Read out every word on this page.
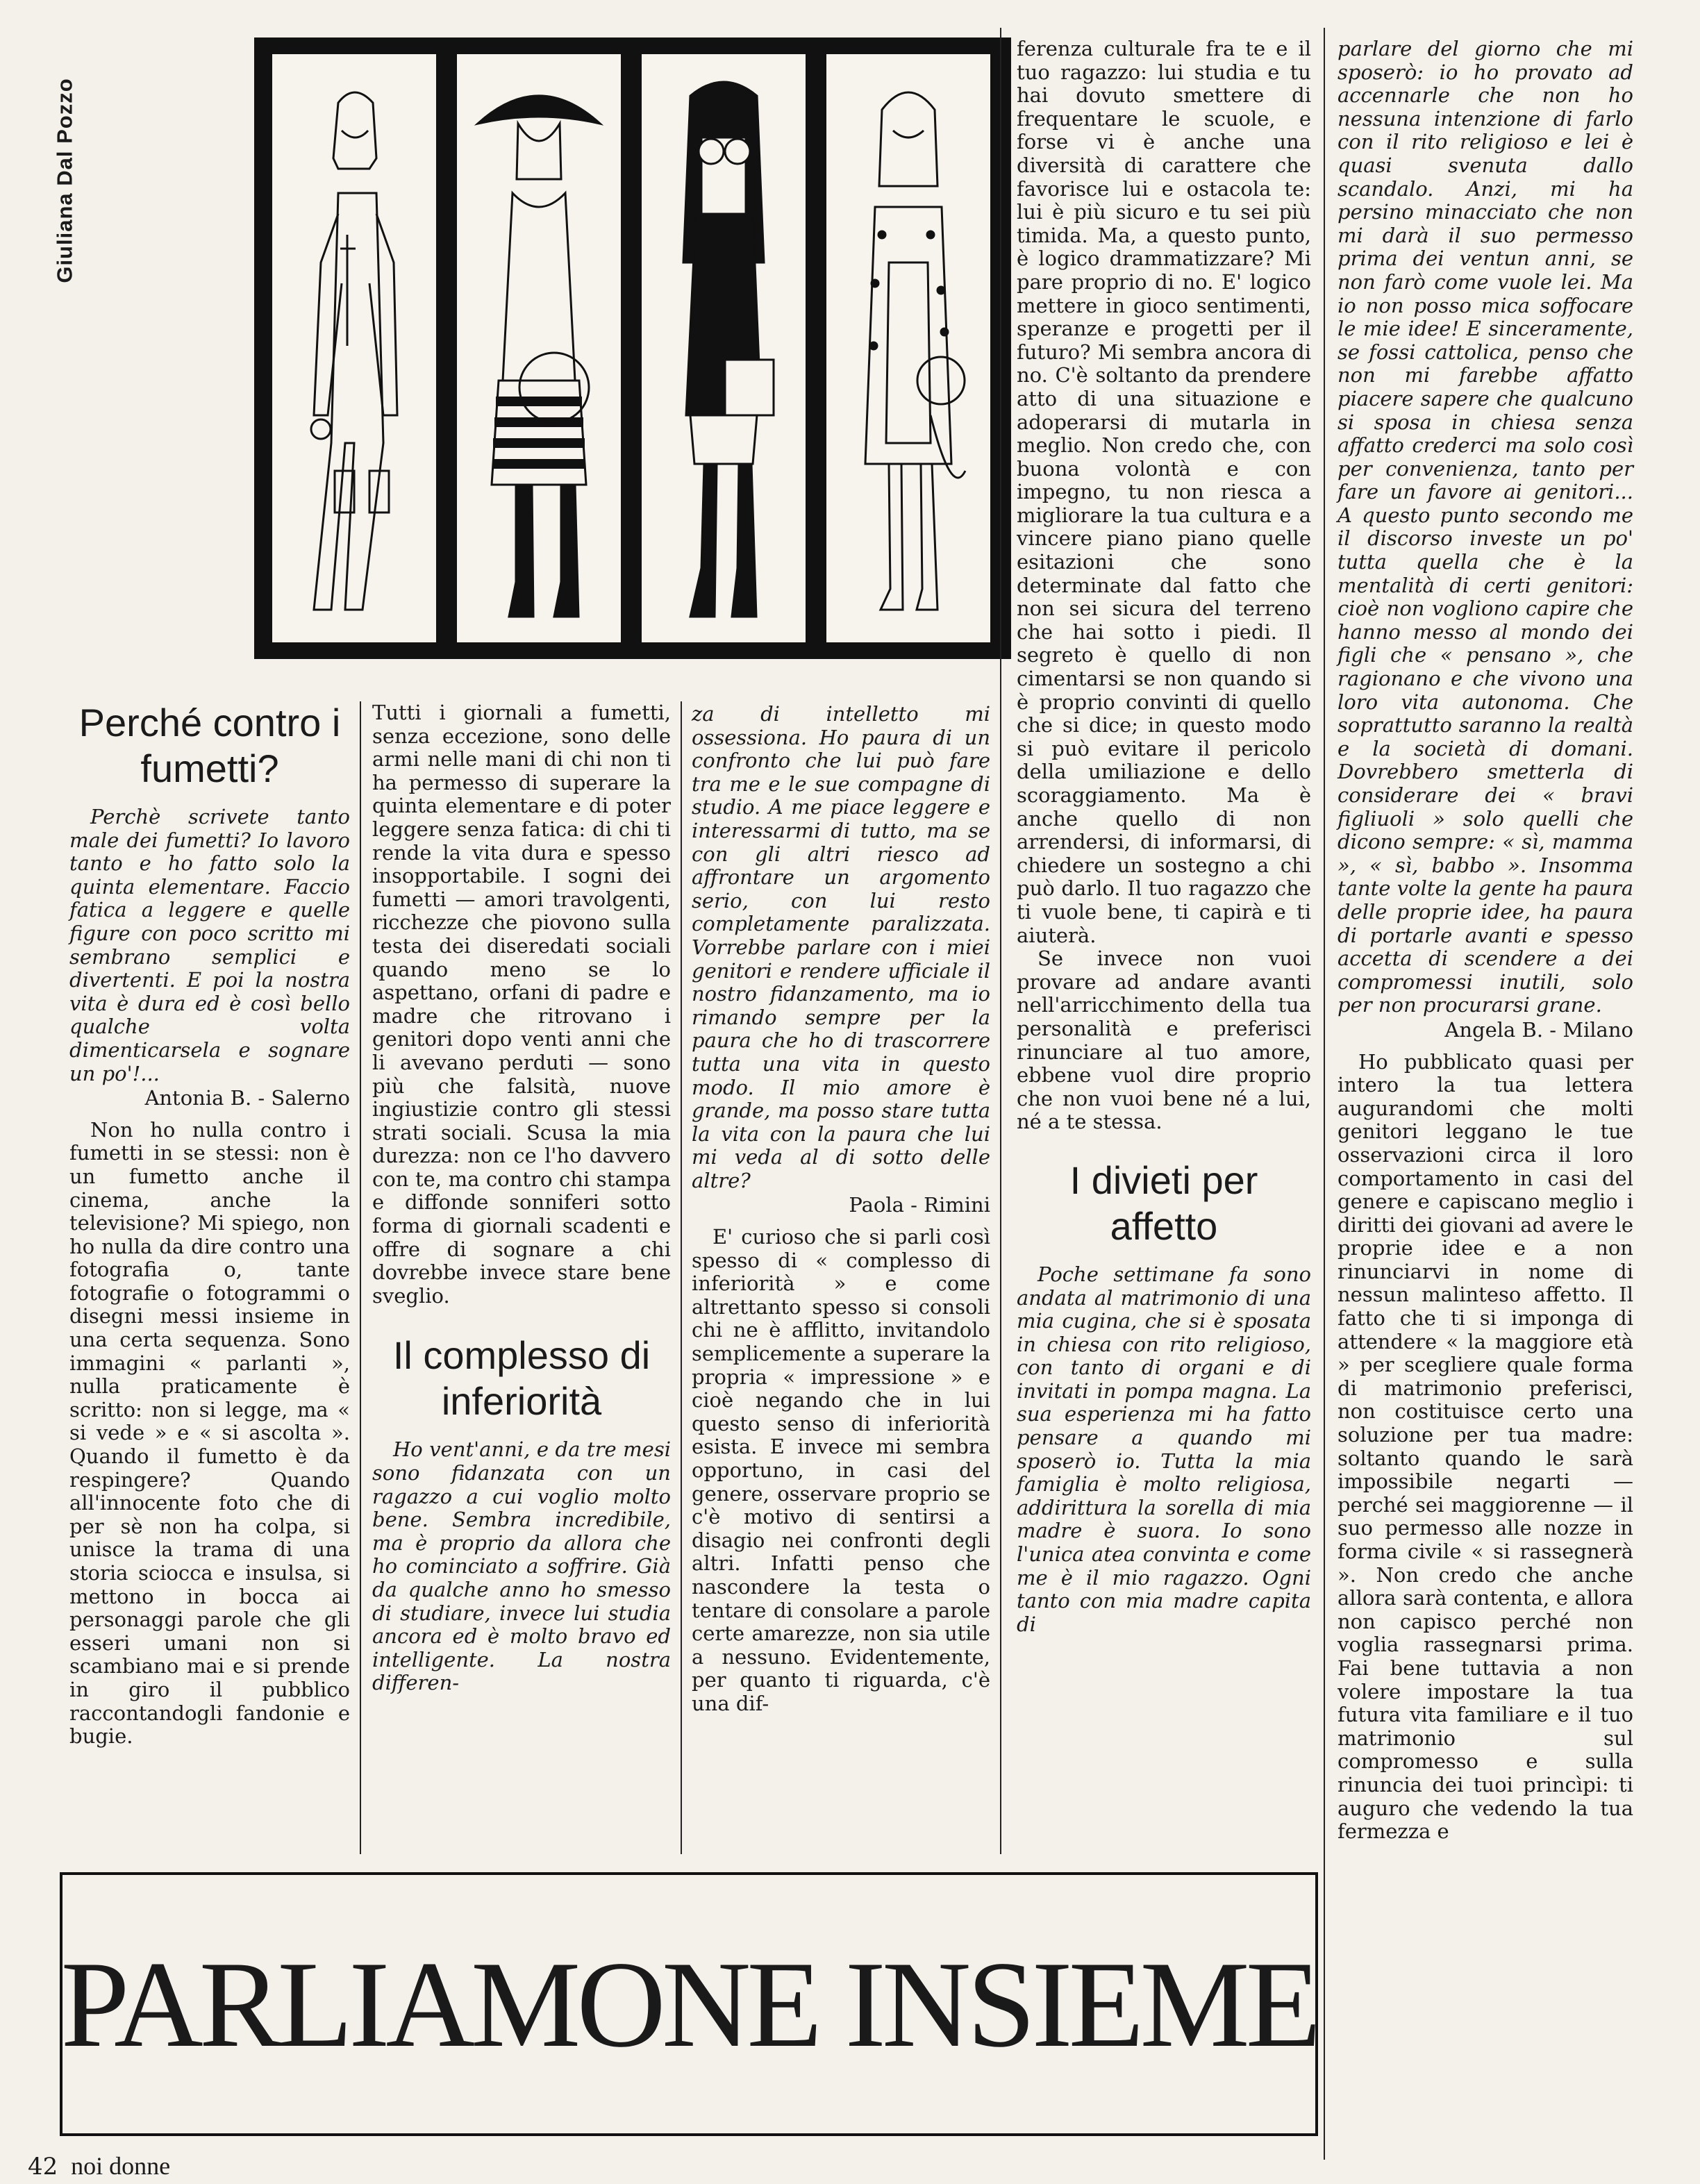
Giuliana Dal Pozzo
Perché contro i fumetti?

Perchè scrivete tanto male dei fumetti? Io lavoro tanto e ho fatto solo la quinta elementare. Faccio fatica a leggere e quelle figure con poco scritto mi sembrano semplici e divertenti. E poi la nostra vita è dura ed è così bello qualche volta dimenticarsela e sognare un po'!...

Antonia B. - Salerno

Non ho nulla contro i fumetti in se stessi: non è un fumetto anche il cinema, anche la televisione? Mi spiego, non ho nulla da dire contro una fotografia o, tante fotografie o fotogrammi o disegni messi insieme in una certa sequenza. Sono immagini « parlanti », nulla praticamente è scritto: non si legge, ma « si vede » e « si ascolta ». Quando il fumetto è da respingere? Quando all'innocente foto che di per sè non ha colpa, si unisce la trama di una storia sciocca e insulsa, si mettono in bocca ai personaggi parole che gli esseri umani non si scambiano mai e si prende in giro il pubblico raccontandogli fandonie e bugie.

Tutti i giornali a fumetti, senza eccezione, sono delle armi nelle mani di chi non ti ha permesso di superare la quinta elementare e di poter leggere senza fatica: di chi ti rende la vita dura e spesso insopportabile. I sogni dei fumetti — amori travolgenti, ricchezze che piovono sulla testa dei diseredati sociali quando meno se lo aspettano, orfani di padre e madre che ritrovano i genitori dopo venti anni che li avevano perduti — sono più che falsità, nuove ingiustizie contro gli stessi strati sociali. Scusa la mia durezza: non ce l'ho davvero con te, ma contro chi stampa e diffonde sonniferi sotto forma di giornali scadenti e offre di sognare a chi dovrebbe invece stare bene sveglio.

Il complesso di inferiorità

Ho vent'anni, e da tre mesi sono fidanzata con un ragazzo a cui voglio molto bene. Sembra incredibile, ma è proprio da allora che ho cominciato a soffrire. Già da qualche anno ho smesso di studiare, invece lui studia ancora ed è molto bravo ed intelligente. La nostra differen-

za di intelletto mi ossessiona. Ho paura di un confronto che lui può fare tra me e le sue compagne di studio. A me piace leggere e interessarmi di tutto, ma se con gli altri riesco ad affrontare un argomento serio, con lui resto completamente paralizzata. Vorrebbe parlare con i miei genitori e rendere ufficiale il nostro fidanzamento, ma io rimando sempre per la paura che ho di trascorrere tutta una vita in questo modo. Il mio amore è grande, ma posso stare tutta la vita con la paura che lui mi veda al di sotto delle altre?

Paola - Rimini

E' curioso che si parli così spesso di « complesso di inferiorità » e come altrettanto spesso si consoli chi ne è afflitto, invitandolo semplicemente a superare la propria « impressione » e cioè negando che in lui questo senso di inferiorità esista. E invece mi sembra opportuno, in casi del genere, osservare proprio se c'è motivo di sentirsi a disagio nei confronti degli altri. Infatti penso che nascondere la testa o tentare di consolare a parole certe amarezze, non sia utile a nessuno. Evidentemente, per quanto ti riguarda, c'è una dif-

ferenza culturale fra te e il tuo ragazzo: lui studia e tu hai dovuto smettere di frequentare le scuole, e forse vi è anche una diversità di carattere che favorisce lui e ostacola te: lui è più sicuro e tu sei più timida. Ma, a questo punto, è logico drammatizzare? Mi pare proprio di no. E' logico mettere in gioco sentimenti, speranze e progetti per il futuro? Mi sembra ancora di no. C'è soltanto da prendere atto di una situazione e adoperarsi di mutarla in meglio. Non credo che, con buona volontà e con impegno, tu non riesca a migliorare la tua cultura e a vincere piano piano quelle esitazioni che sono determinate dal fatto che non sei sicura del terreno che hai sotto i piedi. Il segreto è quello di non cimentarsi se non quando si è proprio convinti di quello che si dice; in questo modo si può evitare il pericolo della umiliazione e dello scoraggiamento. Ma è anche quello di non arrendersi, di informarsi, di chiedere un sostegno a chi può darlo. Il tuo ragazzo che ti vuole bene, ti capirà e ti aiuterà.

Se invece non vuoi provare ad andare avanti nell'arricchimento della tua personalità e preferisci rinunciare al tuo amore, ebbene vuol dire proprio che non vuoi bene né a lui, né a te stessa.

I divieti per affetto

Poche settimane fa sono andata al matrimonio di una mia cugina, che si è sposata in chiesa con rito religioso, con tanto di organi e di invitati in pompa magna. La sua esperienza mi ha fatto pensare a quando mi sposerò io. Tutta la mia famiglia è molto religiosa, addirittura la sorella di mia madre è suora. Io sono l'unica atea convinta e come me è il mio ragazzo. Ogni tanto con mia madre capita di

parlare del giorno che mi sposerò: io ho provato ad accennarle che non ho nessuna intenzione di farlo con il rito religioso e lei è quasi svenuta dallo scandalo. Anzi, mi ha persino minacciato che non mi darà il suo permesso prima dei ventun anni, se non farò come vuole lei. Ma io non posso mica soffocare le mie idee! E sinceramente, se fossi cattolica, penso che non mi farebbe affatto piacere sapere che qualcuno si sposa in chiesa senza affatto crederci ma solo così per convenienza, tanto per fare un favore ai genitori... A questo punto secondo me il discorso investe un po' tutta quella che è la mentalità di certi genitori: cioè non vogliono capire che hanno messo al mondo dei figli che « pensano », che ragionano e che vivono una loro vita autonoma. Che soprattutto saranno la realtà e la società di domani. Dovrebbero smetterla di considerare dei « bravi figliuoli » solo quelli che dicono sempre: « sì, mamma », « sì, babbo ». Insomma tante volte la gente ha paura delle proprie idee, ha paura di portarle avanti e spesso accetta di scendere a dei compromessi inutili, solo per non procurarsi grane.

Angela B. - Milano

Ho pubblicato quasi per intero la tua lettera augurandomi che molti genitori leggano le tue osservazioni circa il loro comportamento in casi del genere e capiscano meglio i diritti dei giovani ad avere le proprie idee e a non rinunciarvi in nome di nessun malinteso affetto. Il fatto che ti si imponga di attendere « la maggiore età » per scegliere quale forma di matrimonio preferisci, non costituisce certo una soluzione per tua madre: soltanto quando le sarà impossibile negarti — perché sei maggiorenne — il suo permesso alle nozze in forma civile « si rassegnerà ». Non credo che anche allora sarà contenta, e allora non capisco perché non voglia rassegnarsi prima. Fai bene tuttavia a non volere impostare la tua futura vita familiare e il tuo matrimonio sul compromesso e sulla rinuncia dei tuoi princìpi: ti auguro che vedendo la tua fermezza e

PARLIAMONE INSIEME
42 noi donne
